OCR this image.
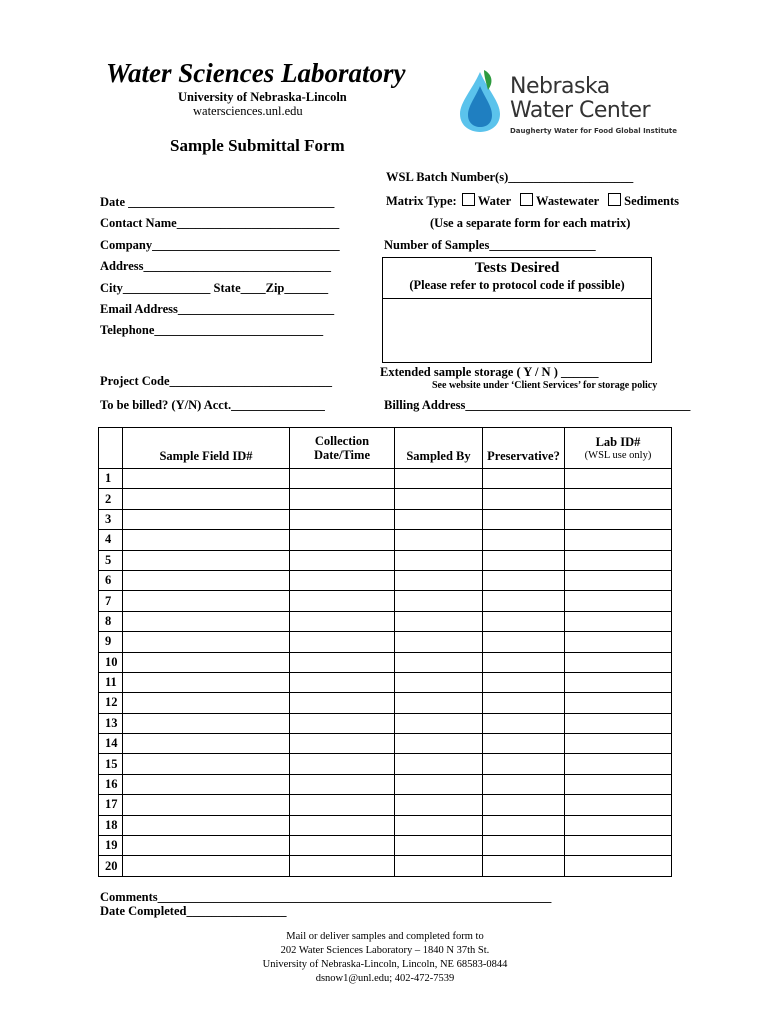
Water Sciences Laboratory
University of Nebraska-Lincoln
watersciences.unl.edu
Sample Submittal Form
Nebraska
Water Center
Daugherty Water for Food Global Institute
WSL Batch Number(s)____________________
Matrix Type: Water Wastewater Sediments
(Use a separate form for each matrix)
Number of Samples_________________
Tests Desired
(Please refer to protocol code if possible)
Extended sample storage ( Y / N ) ______
See website under ‘Client Services’ for storage policy
Billing Address____________________________________
Date _________________________________
Contact Name__________________________
Company______________________________
Address______________________________
City______________ State____Zip_______
Email Address_________________________
Telephone___________________________
Project Code__________________________
To be billed? (Y/N) Acct._______________
	Sample Field ID#	Collection Date/Time	Sampled By	Preservative?	Lab ID#
(WSL use only)

1					
2					
3					
4					
5					
6					
7					
8					
9					
10					
11					
12					
13					
14					
15					
16					
17					
18					
19					
20					
Comments_______________________________________________________________
Date Completed________________
Mail or deliver samples and completed form to
202 Water Sciences Laboratory – 1840 N 37th St.
University of Nebraska-Lincoln, Lincoln, NE 68583-0844
dsnow1@unl.edu; 402-472-7539
